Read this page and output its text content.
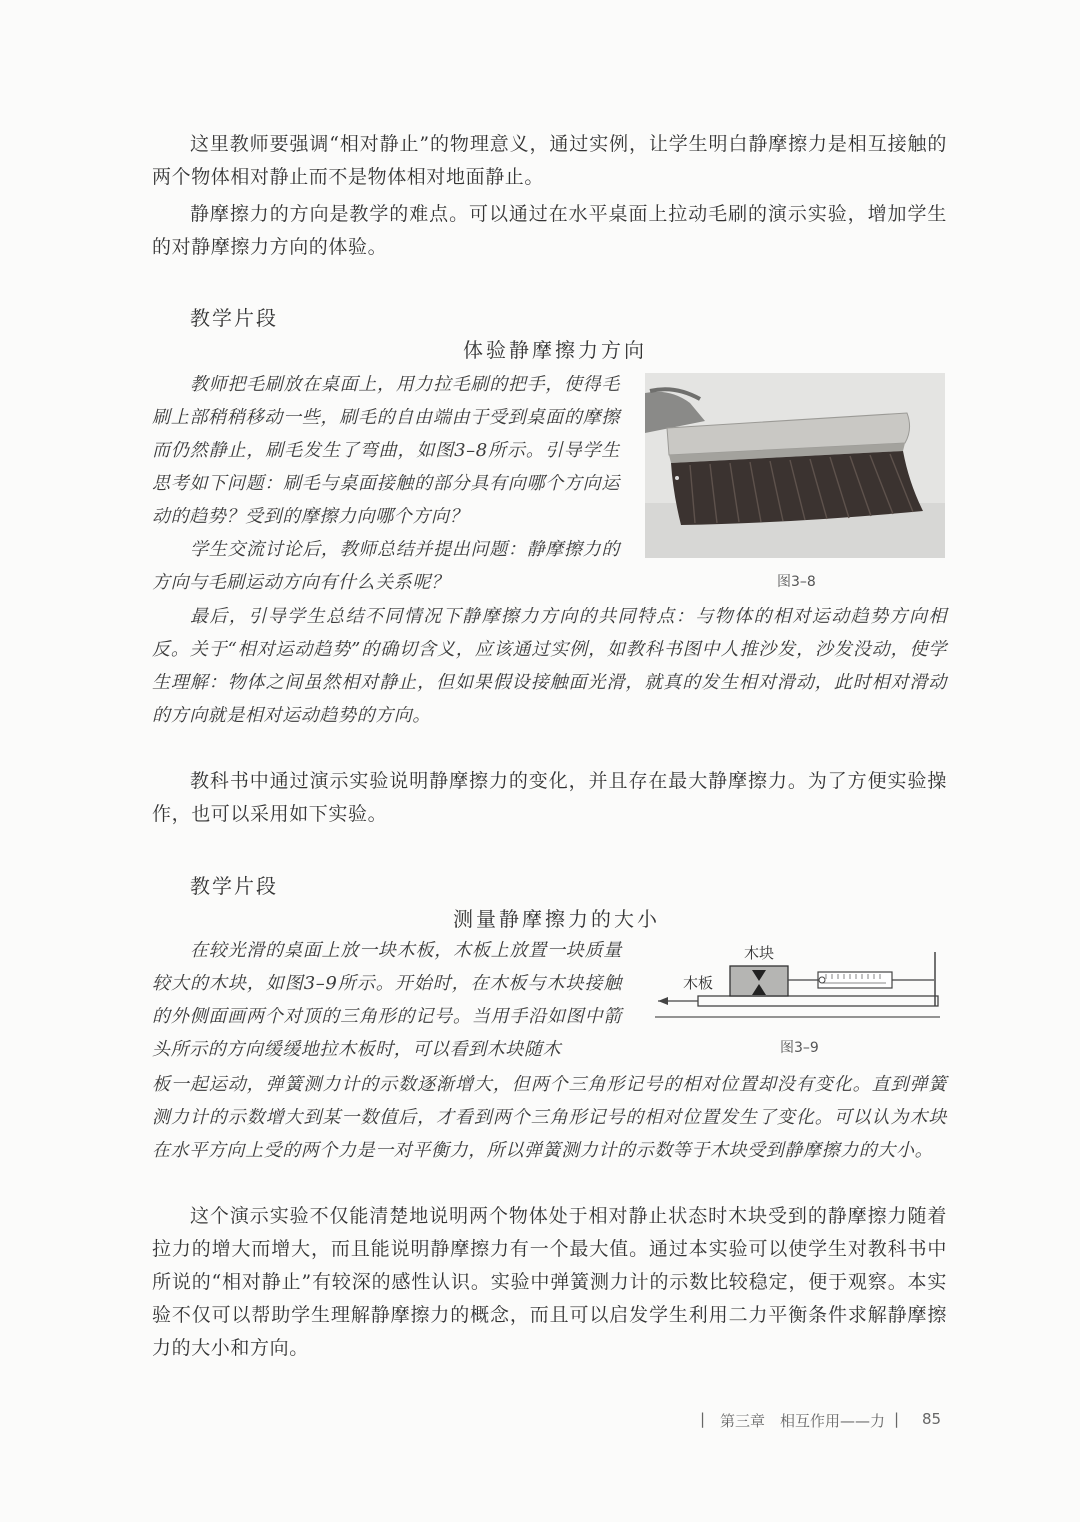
这里教师要强调“相对静止”的物理意义，通过实例，让学生明白静摩擦力是相互接触的两个物体相对静止而不是物体相对地面静止。

静摩擦力的方向是教学的难点。可以通过在水平桌面上拉动毛刷的演示实验，增加学生的对静摩擦力方向的体验。

教学片段

体验静摩擦力方向

教师把毛刷放在桌面上，用力拉毛刷的把手，使得毛刷上部稍稍移动一些，刷毛的自由端由于受到桌面的摩擦而仍然静止，刷毛发生了弯曲，如图3–8所示。引导学生思考如下问题：刷毛与桌面接触的部分具有向哪个方向运动的趋势？受到的摩擦力向哪个方向？

学生交流讨论后，教师总结并提出问题：静摩擦力的方向与毛刷运动方向有什么关系呢？	图3–8

最后，引导学生总结不同情况下静摩擦力方向的共同特点：与物体的相对运动趋势方向相反。关于“相对运动趋势”的确切含义，应该通过实例，如教科书图中人推沙发，沙发没动，使学生理解：物体之间虽然相对静止，但如果假设接触面光滑，就真的发生相对滑动，此时相对滑动的方向就是相对运动趋势的方向。

教科书中通过演示实验说明静摩擦力的变化，并且存在最大静摩擦力。为了方便实验操作，也可以采用如下实验。

教学片段

测量静摩擦力的大小

在较光滑的桌面上放一块木板，木板上放置一块质量较大的木块，如图3–9所示。开始时，在木板与木块接触的外侧面画两个对顶的三角形的记号。当用手沿如图中箭头所示的方向缓缓地拉木板时，可以看到木块随木

木块
木板

图3–9

板一起运动，弹簧测力计的示数逐渐增大，但两个三角形记号的相对位置却没有变化。直到弹簧测力计的示数增大到某一数值后，才看到两个三角形记号的相对位置发生了变化。可以认为木块在水平方向上受的两个力是一对平衡力，所以弹簧测力计的示数等于木块受到静摩擦力的大小。

这个演示实验不仅能清楚地说明两个物体处于相对静止状态时木块受到的静摩擦力随着拉力的增大而增大，而且能说明静摩擦力有一个最大值。通过本实验可以使学生对教科书中所说的“相对静止”有较深的感性认识。实验中弹簧测力计的示数比较稳定，便于观察。本实验不仅可以帮助学生理解静摩擦力的概念，而且可以启发学生利用二力平衡条件求解静摩擦力的大小和方向。

| 第三章 相互作用——力 | 85
